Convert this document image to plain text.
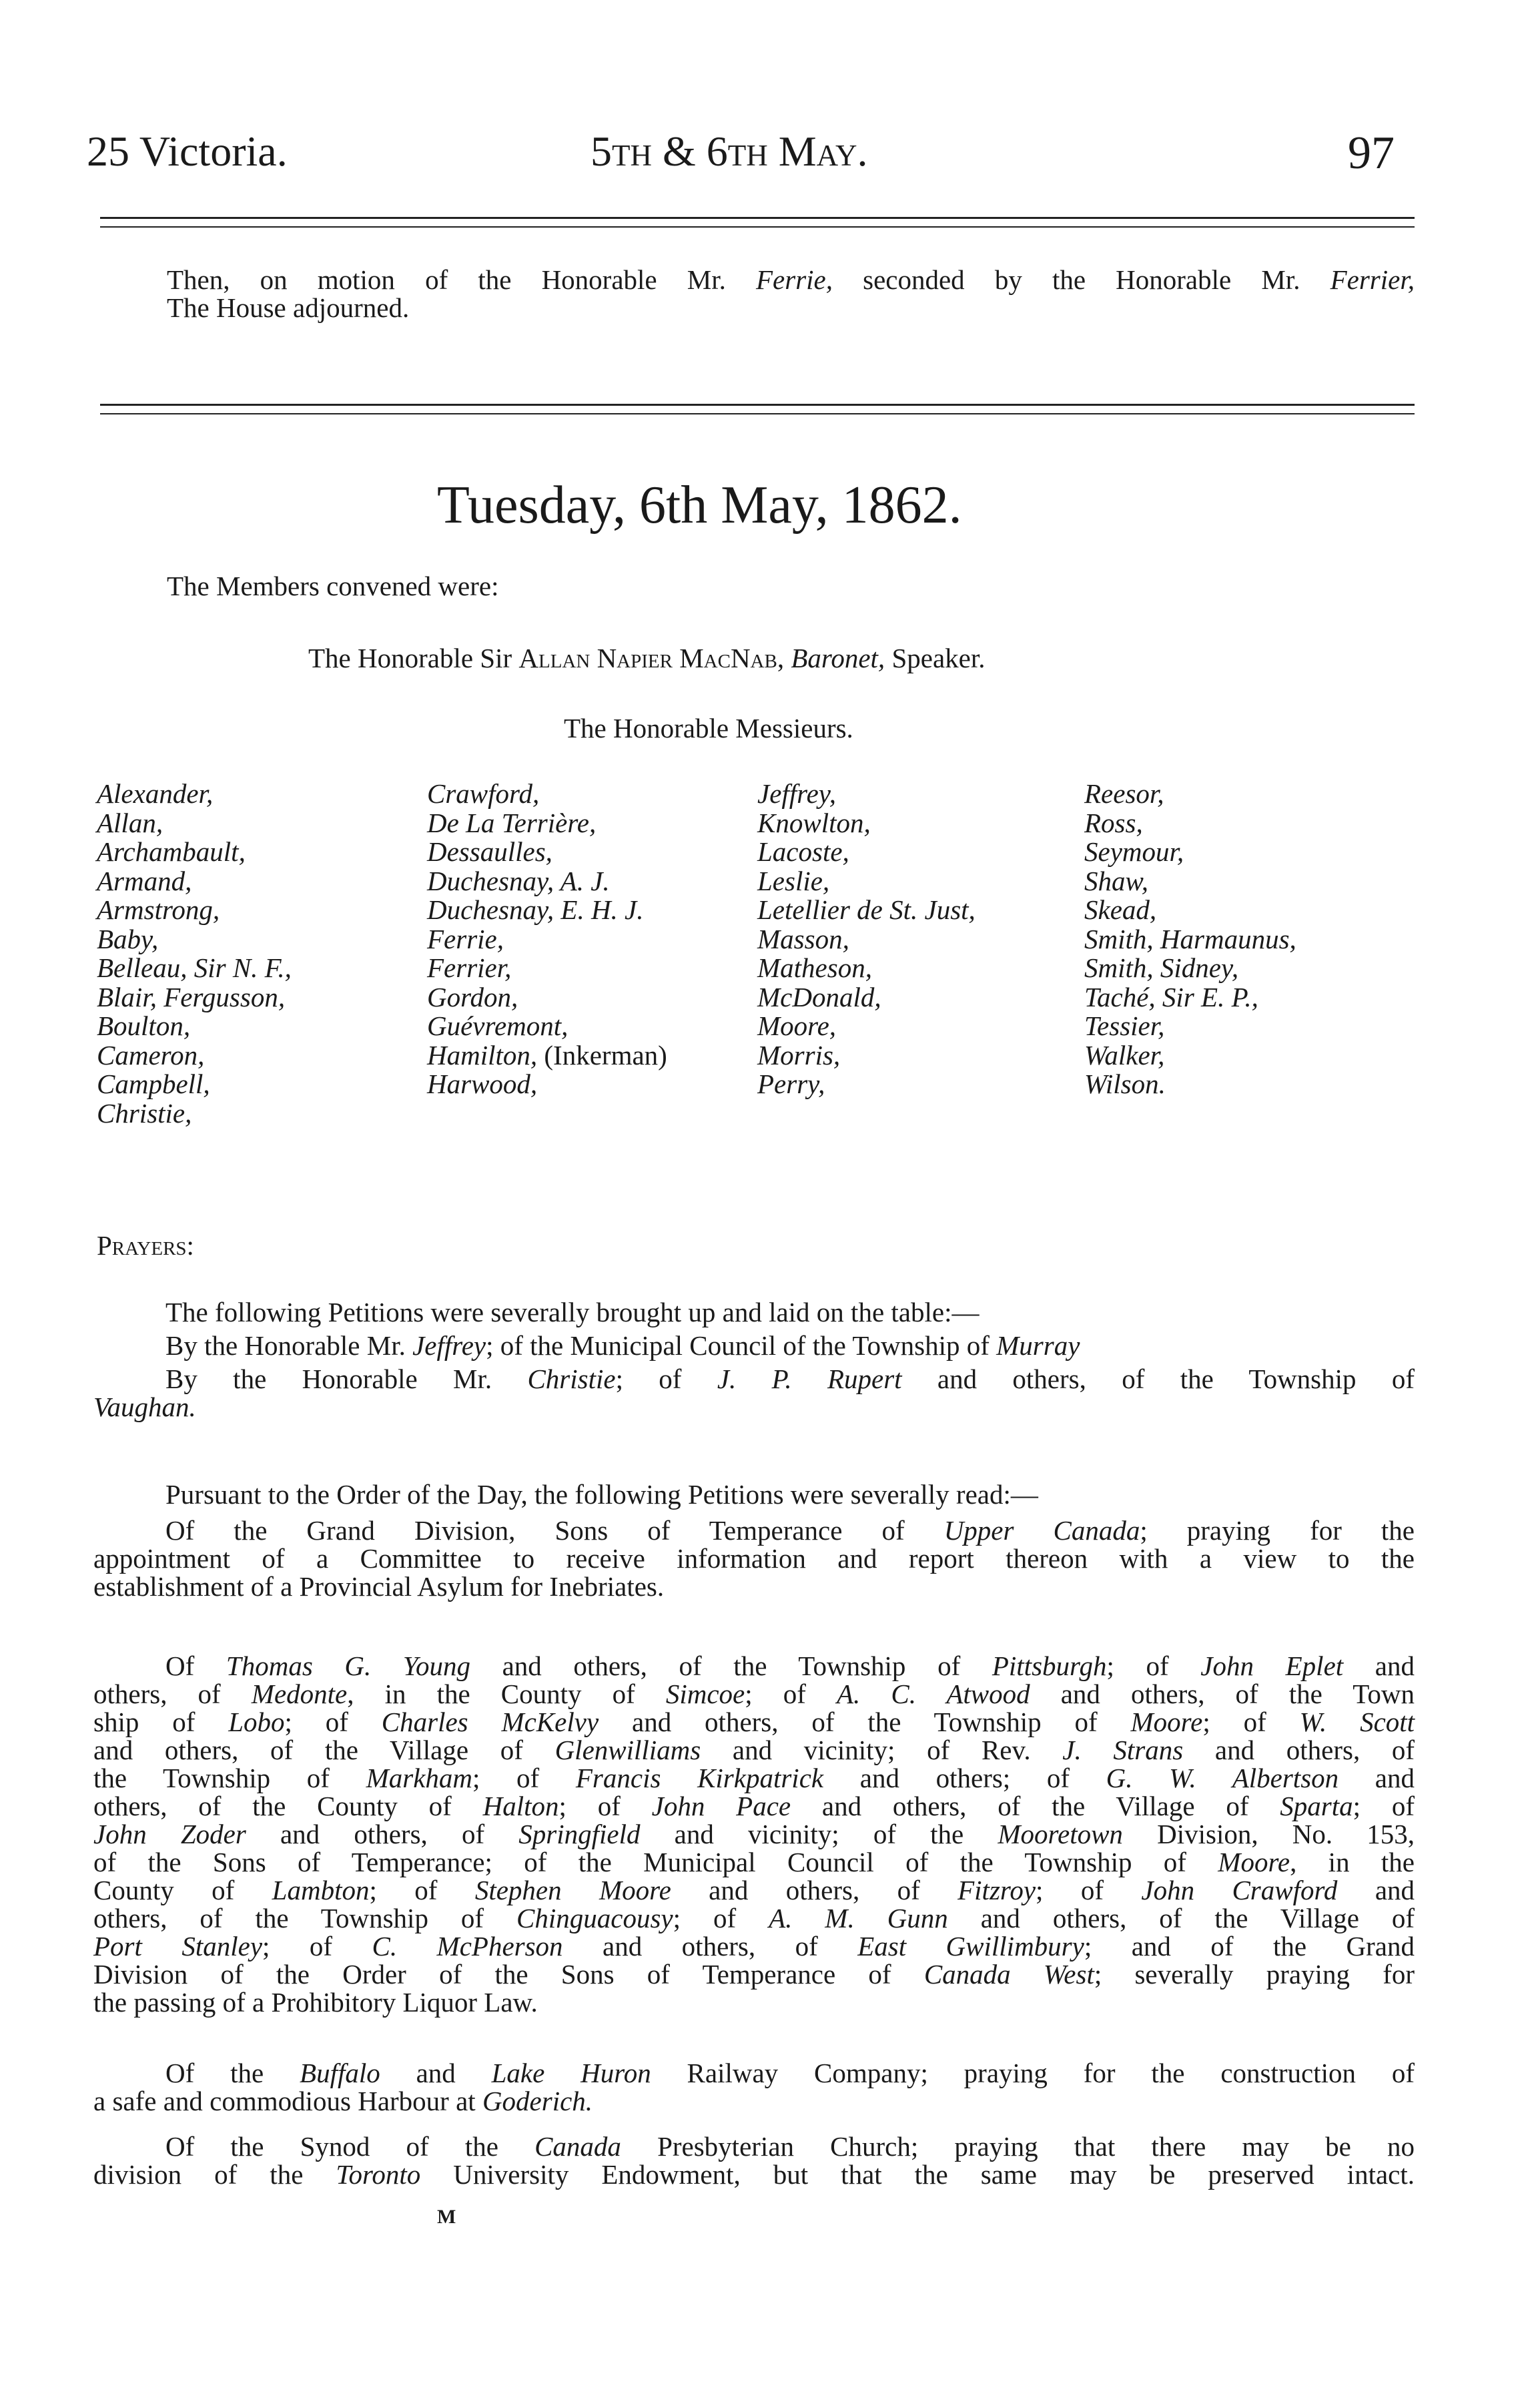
25 Victoria.	5th & 6th May.	97
Then, on motion of the Honorable Mr. Ferrie, seconded by the Honorable Mr. Ferrier,
The House adjourned.
Tuesday, 6th May, 1862.
The Members convened were:
The Honorable Sir Allan Napier MacNab, Baronet, Speaker.
The Honorable Messieurs.
Alexander,
Allan,
Archambault,
Armand,
Armstrong,
Baby,
Belleau, Sir N. F.,
Blair, Fergusson,
Boulton,
Cameron,
Campbell,
Christie,
Crawford,
De La Terrière,
Dessaulles,
Duchesnay, A. J.
Duchesnay, E. H. J.
Ferrie,
Ferrier,
Gordon,
Guévremont,
Hamilton, (Inkerman)
Harwood,
Jeffrey,
Knowlton,
Lacoste,
Leslie,
Letellier de St. Just,
Masson,
Matheson,
McDonald,
Moore,
Morris,
Perry,
Reesor,
Ross,
Seymour,
Shaw,
Skead,
Smith, Harmaunus,
Smith, Sidney,
Taché, Sir E. P.,
Tessier,
Walker,
Wilson.
Prayers:
The following Petitions were severally brought up and laid on the table:—
By the Honorable Mr. Jeffrey; of the Municipal Council of the Township of Murray
By the Honorable Mr. Christie; of J. P. Rupert and others, of the Township of
Vaughan.
Pursuant to the Order of the Day, the following Petitions were severally read:—
Of the Grand Division, Sons of Temperance of Upper Canada; praying for the
appointment of a Committee to receive information and report thereon with a view to the
establishment of a Provincial Asylum for Inebriates.
Of Thomas G. Young and others, of the Township of Pittsburgh; of John Eplet and
others, of Medonte, in the County of Simcoe; of A. C. Atwood and others, of the Town
ship of Lobo; of Charles McKelvy and others, of the Township of Moore; of W. Scott
and others, of the Village of Glenwilliams and vicinity; of Rev. J. Strans and others, of
the Township of Markham; of Francis Kirkpatrick and others; of G. W. Albertson and
others, of the County of Halton; of John Pace and others, of the Village of Sparta; of
John Zoder and others, of Springfield and vicinity; of the Mooretown Division, No. 153,
of the Sons of Temperance; of the Municipal Council of the Township of Moore, in the
County of Lambton; of Stephen Moore and others, of Fitzroy; of John Crawford and
others, of the Township of Chinguacousy; of A. M. Gunn and others, of the Village of
Port Stanley; of C. McPherson and others, of East Gwillimbury; and of the Grand
Division of the Order of the Sons of Temperance of Canada West; severally praying for
the passing of a Prohibitory Liquor Law.
Of the Buffalo and Lake Huron Railway Company; praying for the construction of
a safe and commodious Harbour at Goderich.
Of the Synod of the Canada Presbyterian Church; praying that there may be no
division of the Toronto University Endowment, but that the same may be preserved intact.
M
